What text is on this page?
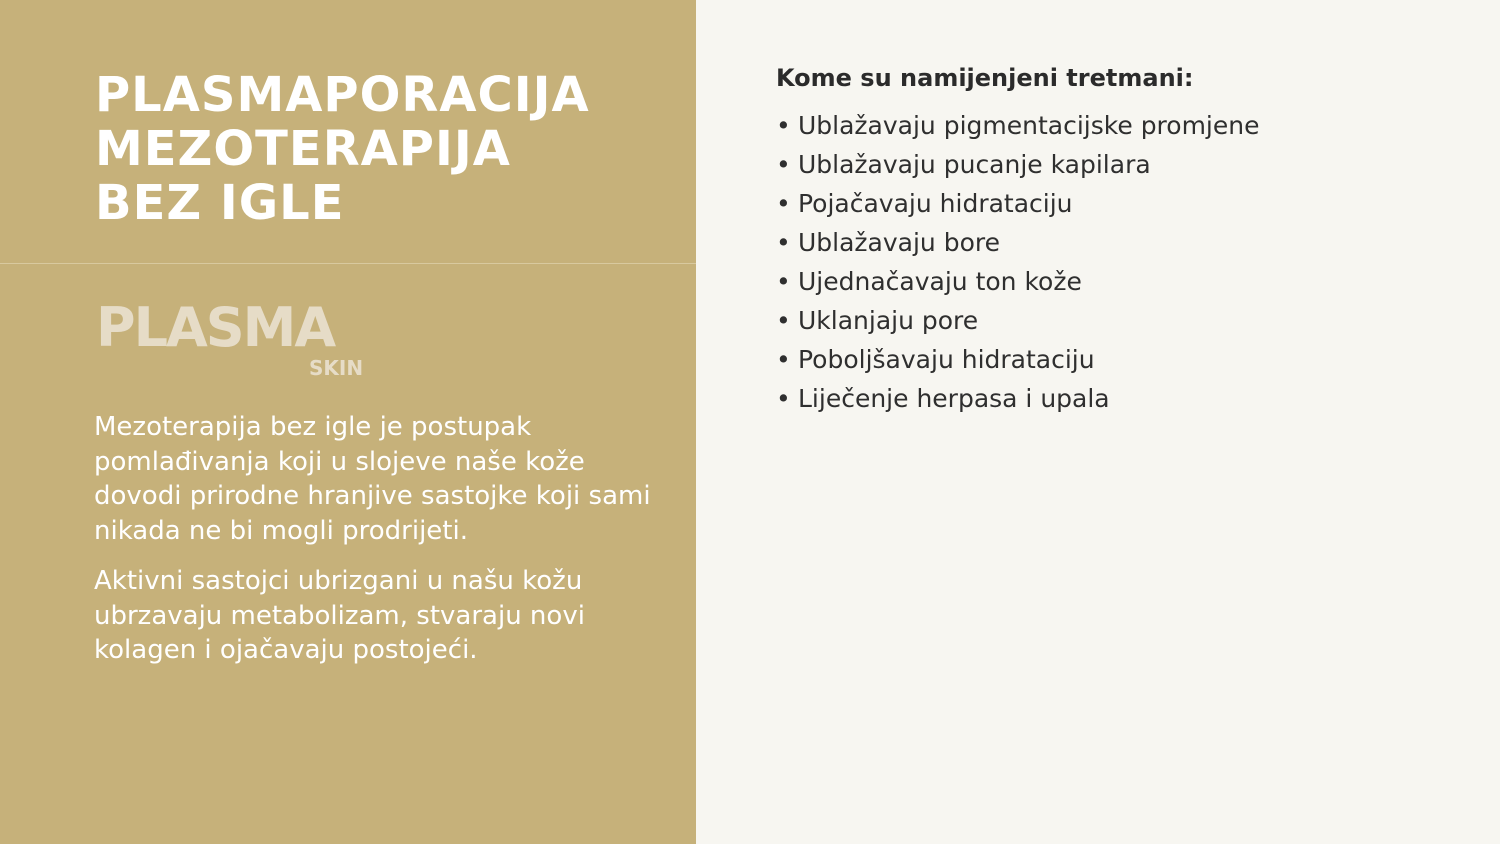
PLASMAPORACIJA
MEZOTERAPIJA
BEZ IGLE
PLASMA
SKIN

Mezoterapija bez igle je postupak pomlađivanja koji u slojeve naše kože dovodi prirodne hranjive sastojke koji sami nikada ne bi mogli prodrijeti.

Aktivni sastojci ubrizgani u našu kožu ubrzavaju metabolizam, stvaraju novi kolagen i ojačavaju postojeći.

Kome su namijenjeni tretmani:
• Ublažavaju pigmentacijske promjene
• Ublažavaju pucanje kapilara
• Pojačavaju hidrataciju
• Ublažavaju bore
• Ujednačavaju ton kože
• Uklanjaju pore
• Poboljšavaju hidrataciju
• Liječenje herpasa i upala
